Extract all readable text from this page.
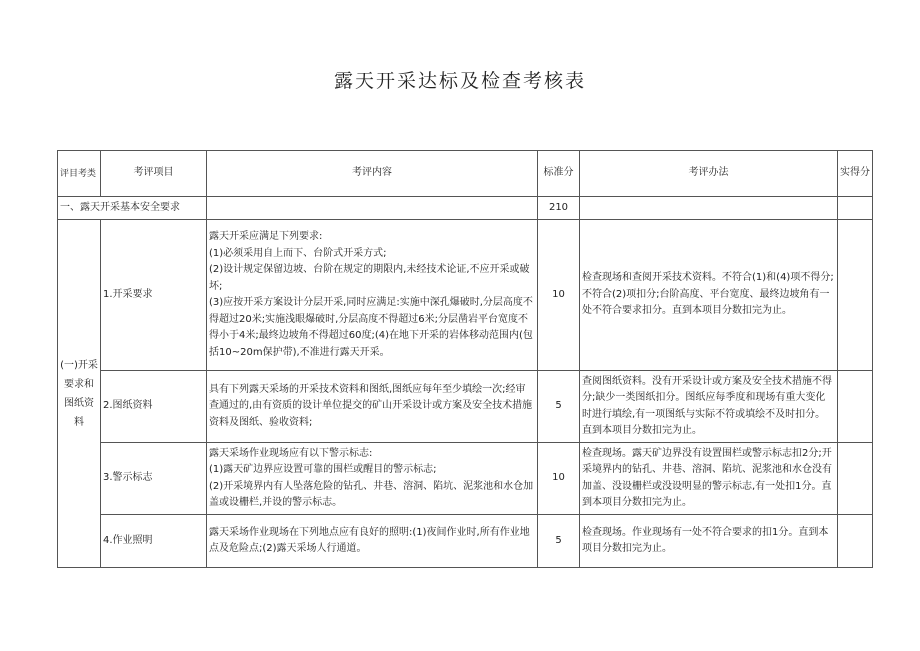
露天开采达标及检查考核表
评目考类	考评项目	考评内容	标准分	考评办法	实得分
一、露天开采基本安全要求			210		
(一)开采要求和图纸资料	1.开采要求	露天开采应满足下列要求:
(1)必须采用自上而下、台阶式开采方式;
(2)设计规定保留边坡、台阶在规定的期限内,未经技术论证,不应开采或破坏;
(3)应按开采方案设计分层开采,同时应满足:实施中深孔爆破时,分层高度不得超过20米;实施浅眼爆破时,分层高度不得超过6米;分层凿岩平台宽度不得小于4米;最终边坡角不得超过60度;(4)在地下开采的岩体移动范围内(包括10~20m保护带),不准进行露天开采。	10	检查现场和查阅开采技术资料。不符合(1)和(4)项不得分;不符合(2)项扣分;台阶高度、平台宽度、最终边坡角有一处不符合要求扣分。直到本项目分数扣完为止。	
	2.图纸资料	具有下列露天采场的开采技术资料和图纸,图纸应每年至少填绘一次;经审查通过的,由有资质的设计单位提交的矿山开采设计或方案及安全技术措施资料及图纸、验收资料;	5	查阅图纸资料。没有开采设计或方案及安全技术措施不得分;缺少一类图纸扣分。图纸应每季度和现场有重大变化时进行填绘,有一项图纸与实际不符或填绘不及时扣分。直到本项目分数扣完为止。	
	3.警示标志	露天采场作业现场应有以下警示标志:
(1)露天矿边界应设置可靠的围栏或醒目的警示标志;
(2)开采境界内有人坠落危险的钻孔、井巷、溶洞、陷坑、泥浆池和水仓加盖或设栅栏,并设的警示标志。	10	检查现场。露天矿边界没有设置围栏或警示标志扣2分;开采境界内的钻孔、井巷、溶洞、陷坑、泥浆池和水仓没有加盖、没设栅栏或没设明显的警示标志,有一处扣1分。直到本项目分数扣完为止。	
	4.作业照明	露天采场作业现场在下列地点应有良好的照明:(1)夜间作业时,所有作业地点及危险点;(2)露天采场人行通道。	5	检查现场。作业现场有一处不符合要求的扣1分。直到本项目分数扣完为止。	
